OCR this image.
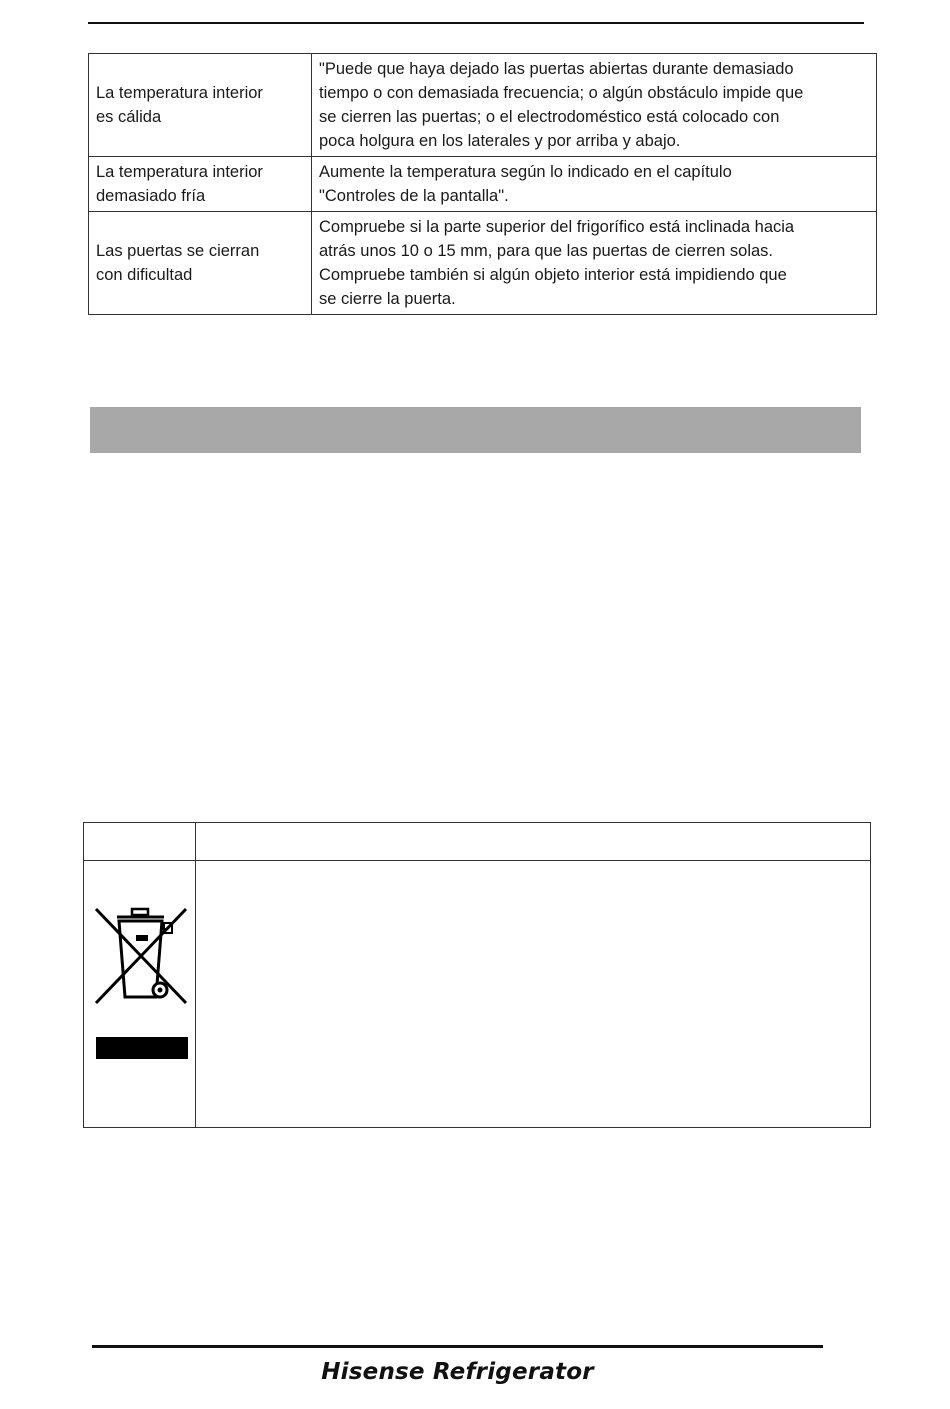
La temperatura interior
es cálida	"Puede que haya dejado las puertas abiertas durante demasiado
tiempo o con demasiada frecuencia; o algún obstáculo impide que
se cierren las puertas; o el electrodoméstico está colocado con
poca holgura en los laterales y por arriba y abajo.

La temperatura interior
demasiado fría	Aumente la temperatura según lo indicado en el capítulo
"Controles de la pantalla".

Las puertas se cierran
con dificultad	Compruebe si la parte superior del frigorífico está inclinada hacia
atrás unos 10 o 15 mm, para que las puertas de cierren solas.
Compruebe también si algún objeto interior está impidiendo que
se cierre la puerta.
Hisense Refrigerator
